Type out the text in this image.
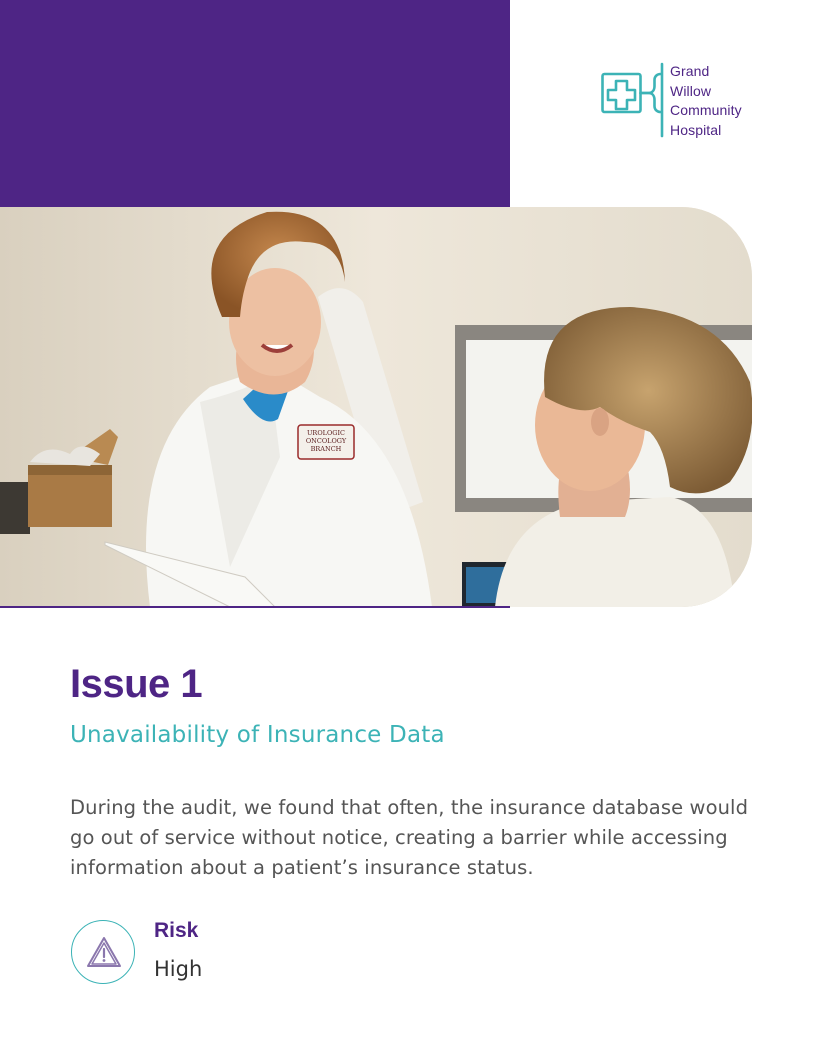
Grand
Willow
Community
Hospital
UROLOGIC
ONCOLOGY
BRANCH
Issue 1
Unavailability of Insurance Data

During the audit, we found that often, the insurance database would go out of service without notice, creating a barrier while accessing information about a patient’s insurance status.

Risk
High
